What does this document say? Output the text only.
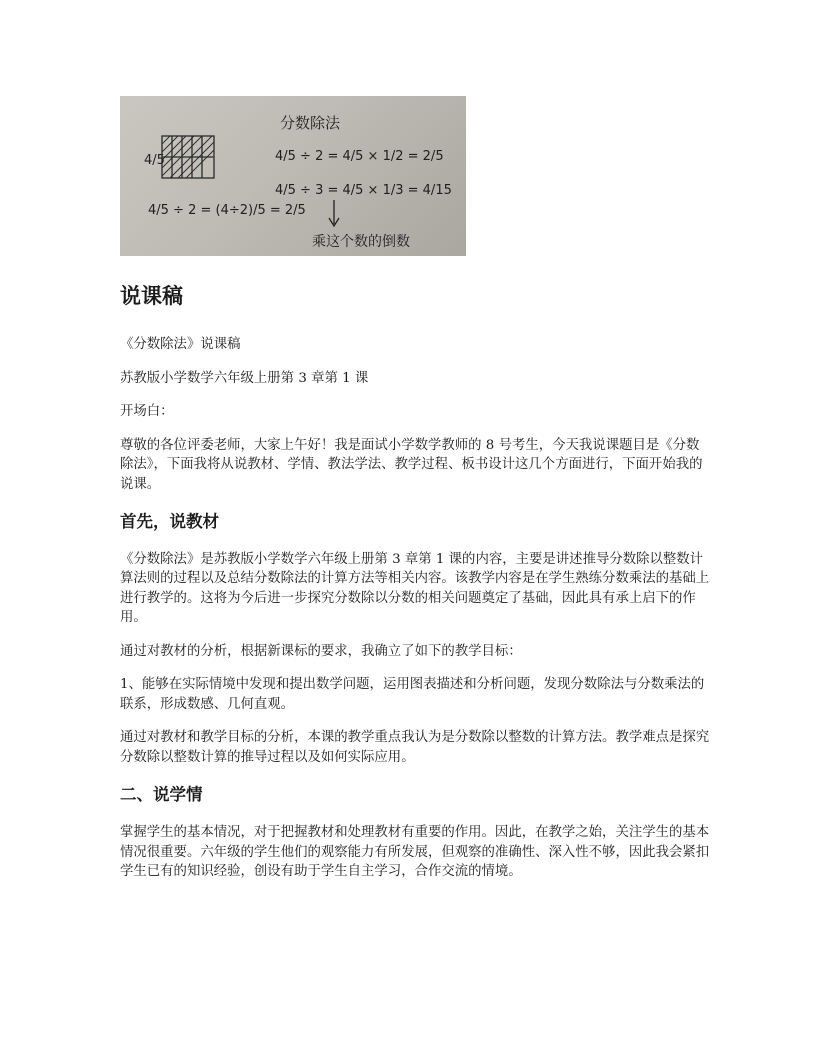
4/5
分数除法
4/5 ÷ 2 = 4/5 × 1/2 = 2/5
4/5 ÷ 3 = 4/5 × 1/3 = 4/15
4/5 ÷ 2 = (4÷2)/5 = 2/5
乘这个数的倒数
说课稿

《分数除法》说课稿

苏教版小学数学六年级上册第 3 章第 1 课

开场白：

尊敬的各位评委老师，大家上午好！我是面试小学数学教师的 8 号考生，今天我说课题目是《分数除法》，下面我将从说教材、学情、教法学法、教学过程、板书设计这几个方面进行，下面开始我的说课。

首先，说教材

《分数除法》是苏教版小学数学六年级上册第 3 章第 1 课的内容，主要是讲述推导分数除以整数计算法则的过程以及总结分数除法的计算方法等相关内容。该教学内容是在学生熟练分数乘法的基础上进行教学的。这将为今后进一步探究分数除以分数的相关问题奠定了基础，因此具有承上启下的作用。

通过对教材的分析，根据新课标的要求，我确立了如下的教学目标：

1、能够在实际情境中发现和提出数学问题，运用图表描述和分析问题，发现分数除法与分数乘法的联系，形成数感、几何直观。

通过对教材和教学目标的分析，本课的教学重点我认为是分数除以整数的计算方法。教学难点是探究分数除以整数计算的推导过程以及如何实际应用。

二、说学情

掌握学生的基本情况，对于把握教材和处理教材有重要的作用。因此，在教学之始，关注学生的基本情况很重要。六年级的学生他们的观察能力有所发展，但观察的准确性、深入性不够，因此我会紧扣学生已有的知识经验，创设有助于学生自主学习，合作交流的情境。
